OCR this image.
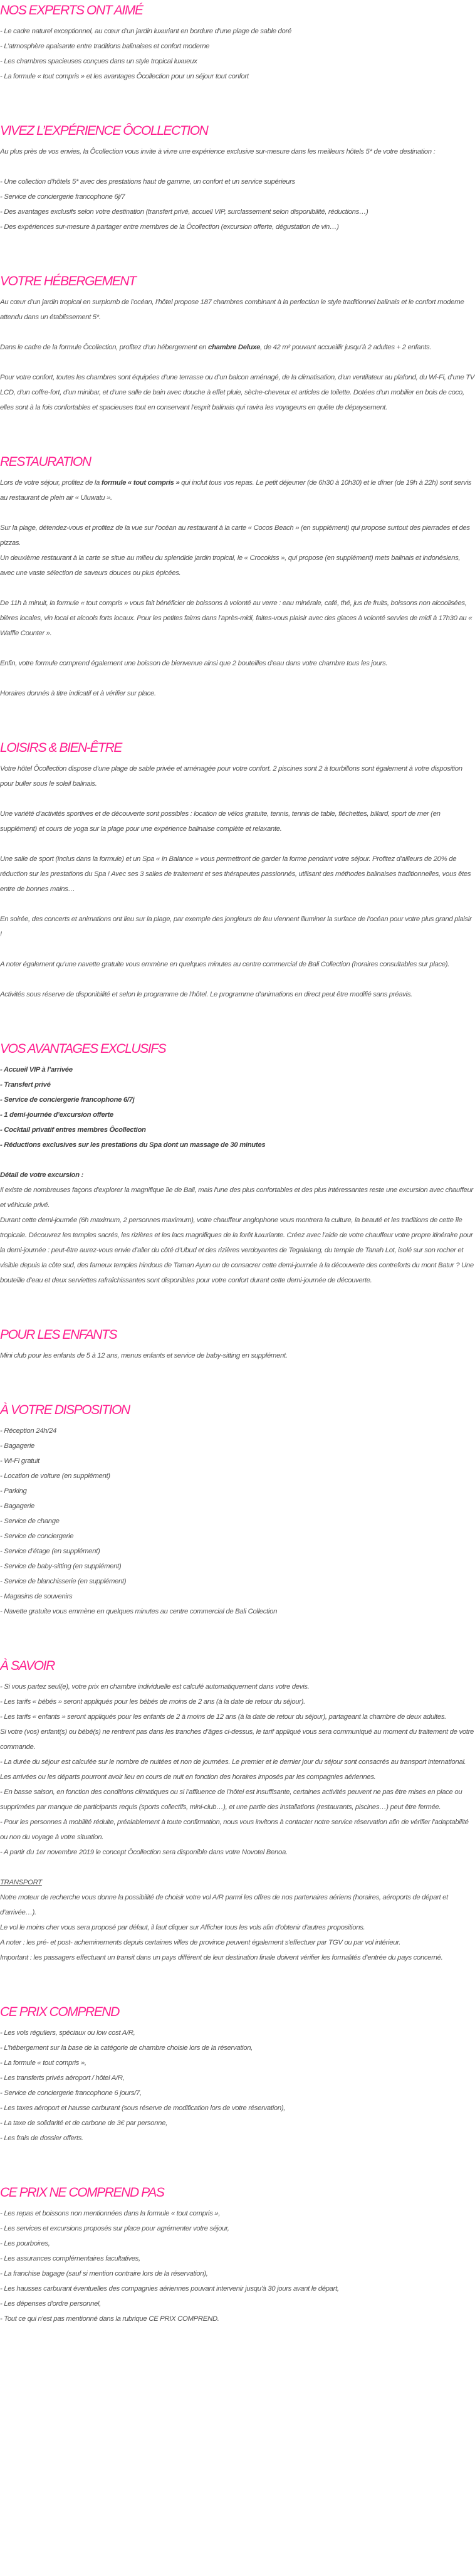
NOS EXPERTS ONT AIMÉ

- Le cadre naturel exceptionnel, au cœur d’un jardin luxuriant en bordure d’une plage de sable doré

- L’atmosphère apaisante entre traditions balinaises et confort moderne

- Les chambres spacieuses conçues dans un style tropical luxueux

- La formule « tout compris » et les avantages Ôcollection pour un séjour tout confort

VIVEZ L’EXPÉRIENCE ÔCOLLECTION

Au plus près de vos envies, la Ôcollection vous invite à vivre une expérience exclusive sur-mesure dans les meilleurs hôtels 5* de votre destination :

- Une collection d’hôtels 5* avec des prestations haut de gamme, un confort et un service supérieurs

- Service de conciergerie francophone 6j/7

- Des avantages exclusifs selon votre destination (transfert privé, accueil VIP, surclassement selon disponibilité, réductions…)

- Des expériences sur-mesure à partager entre membres de la Ôcollection (excursion offerte, dégustation de vin…)

VOTRE HÉBERGEMENT

Au cœur d’un jardin tropical en surplomb de l’océan, l’hôtel propose 187 chambres combinant à la perfection le style traditionnel balinais et le confort moderne attendu dans un établissement 5*.

Dans le cadre de la formule Ôcollection, profitez d’un hébergement en chambre Deluxe, de 42 m² pouvant accueillir jusqu’à 2 adultes + 2 enfants.

Pour votre confort, toutes les chambres sont équipées d’une terrasse ou d’un balcon aménagé, de la climatisation, d’un ventilateur au plafond, du Wi-Fi, d’une TV LCD, d’un coffre-fort, d’un minibar, et d’une salle de bain avec douche à effet pluie, sèche-cheveux et articles de toilette. Dotées d’un mobilier en bois de coco, elles sont à la fois confortables et spacieuses tout en conservant l’esprit balinais qui ravira les voyageurs en quête de dépaysement.

RESTAURATION

Lors de votre séjour, profitez de la formule « tout compris » qui inclut tous vos repas. Le petit déjeuner (de 6h30 à 10h30) et le dîner (de 19h à 22h) sont servis au restaurant de plein air « Uluwatu ».

Sur la plage, détendez-vous et profitez de la vue sur l’océan au restaurant à la carte « Cocos Beach » (en supplément) qui propose surtout des pierrades et des pizzas.

Un deuxième restaurant à la carte se situe au milieu du splendide jardin tropical, le « Crocokiss », qui propose (en supplément) mets balinais et indonésiens, avec une vaste sélection de saveurs douces ou plus épicées.

De 11h à minuit, la formule « tout compris » vous fait bénéficier de boissons à volonté au verre : eau minérale, café, thé, jus de fruits, boissons non alcoolisées, bières locales, vin local et alcools forts locaux. Pour les petites faims dans l’après-midi, faites-vous plaisir avec des glaces à volonté servies de midi à 17h30 au « Waffle Counter ».

Enfin, votre formule comprend également une boisson de bienvenue ainsi que 2 bouteilles d’eau dans votre chambre tous les jours.

Horaires donnés à titre indicatif et à vérifier sur place.

LOISIRS & BIEN-ÊTRE

Votre hôtel Ôcollection dispose d’une plage de sable privée et aménagée pour votre confort. 2 piscines sont 2 à tourbillons sont également à votre disposition pour buller sous le soleil balinais.

Une variété d’activités sportives et de découverte sont possibles : location de vélos gratuite, tennis, tennis de table, fléchettes, billard, sport de mer (en supplément) et cours de yoga sur la plage pour une expérience balinaise complète et relaxante.

Une salle de sport (inclus dans la formule) et un Spa « In Balance » vous permettront de garder la forme pendant votre séjour. Profitez d’ailleurs de 20% de réduction sur les prestations du Spa ! Avec ses 3 salles de traitement et ses thérapeutes passionnés, utilisant des méthodes balinaises traditionnelles, vous êtes entre de bonnes mains…

En soirée, des concerts et animations ont lieu sur la plage, par exemple des jongleurs de feu viennent illuminer la surface de l’océan pour votre plus grand plaisir !

A noter également qu’une navette gratuite vous emmène en quelques minutes au centre commercial de Bali Collection (horaires consultables sur place).

Activités sous réserve de disponibilité et selon le programme de l’hôtel. Le programme d’animations en direct peut être modifié sans préavis.

VOS AVANTAGES EXCLUSIFS

- Accueil VIP à l’arrivée

- Transfert privé

- Service de conciergerie francophone 6/7j

- 1 demi-journée d’excursion offerte

- Cocktail privatif entres membres Ôcollection

- Réductions exclusives sur les prestations du Spa dont un massage de 30 minutes

Détail de votre excursion :

Il existe de nombreuses façons d'explorer la magnifique île de Bali, mais l'une des plus confortables et des plus intéressantes reste une excursion avec chauffeur et véhicule privé.

Durant cette demi-journée (6h maximum, 2 personnes maximum), votre chauffeur anglophone vous montrera la culture, la beauté et les traditions de cette île tropicale. Découvrez les temples sacrés, les rizières et les lacs magnifiques de la forêt luxuriante. Créez avec l’aide de votre chauffeur votre propre itinéraire pour la demi-journée : peut-être aurez-vous envie d’aller du côté d’Ubud et des rizières verdoyantes de Tegalalang, du temple de Tanah Lot, isolé sur son rocher et visible depuis la côte sud, des fameux temples hindous de Taman Ayun ou de consacrer cette demi-journée à la découverte des contreforts du mont Batur ? Une bouteille d’eau et deux serviettes rafraîchissantes sont disponibles pour votre confort durant cette demi-journée de découverte.

POUR LES ENFANTS

Mini club pour les enfants de 5 à 12 ans, menus enfants et service de baby-sitting en supplément.

À VOTRE DISPOSITION

- Réception 24h/24

- Bagagerie

- Wi-Fi gratuit

- Location de voiture (en supplément)

- Parking

- Bagagerie

- Service de change

- Service de conciergerie

- Service d’étage (en supplément)

- Service de baby-sitting (en supplément)

- Service de blanchisserie (en supplément)

- Magasins de souvenirs

- Navette gratuite vous emmène en quelques minutes au centre commercial de Bali Collection

À SAVOIR

- Si vous partez seul(e), votre prix en chambre individuelle est calculé automatiquement dans votre devis.

- Les tarifs « bébés » seront appliqués pour les bébés de moins de 2 ans (à la date de retour du séjour).

- Les tarifs « enfants » seront appliqués pour les enfants de 2 à moins de 12 ans (à la date de retour du séjour), partageant la chambre de deux adultes.

Si votre (vos) enfant(s) ou bébé(s) ne rentrent pas dans les tranches d’âges ci-dessus, le tarif appliqué vous sera communiqué au moment du traitement de votre commande.

- La durée du séjour est calculée sur le nombre de nuitées et non de journées. Le premier et le dernier jour du séjour sont consacrés au transport international. Les arrivées ou les départs pourront avoir lieu en cours de nuit en fonction des horaires imposés par les compagnies aériennes.

- En basse saison, en fonction des conditions climatiques ou si l’affluence de l’hôtel est insuffisante, certaines activités peuvent ne pas être mises en place ou supprimées par manque de participants requis (sports collectifs, mini-club…), et une partie des installations (restaurants, piscines…) peut être fermée.

- Pour les personnes à mobilité réduite, préalablement à toute confirmation, nous vous invitons à contacter notre service réservation afin de vérifier l’adaptabilité ou non du voyage à votre situation.

- A partir du 1er novembre 2019 le concept Ôcollection sera disponible dans votre Novotel Benoa.

TRANSPORT

Notre moteur de recherche vous donne la possibilité de choisir votre vol A/R parmi les offres de nos partenaires aériens (horaires, aéroports de départ et d’arrivée…).

Le vol le moins cher vous sera proposé par défaut, il faut cliquer sur Afficher tous les vols afin d'obtenir d'autres propositions.

A noter : les pré- et post- acheminements depuis certaines villes de province peuvent également s'effectuer par TGV ou par vol intérieur.

Important : les passagers effectuant un transit dans un pays différent de leur destination finale doivent vérifier les formalités d’entrée du pays concerné.

CE PRIX COMPREND

- Les vols réguliers, spéciaux ou low cost A/R,

- L’hébergement sur la base de la catégorie de chambre choisie lors de la réservation,

- La formule « tout compris »,

- Les transferts privés aéroport / hôtel A/R,

- Service de conciergerie francophone 6 jours/7,

- Les taxes aéroport et hausse carburant (sous réserve de modification lors de votre réservation),

- La taxe de solidarité et de carbone de 3€ par personne,

- Les frais de dossier offerts.

CE PRIX NE COMPREND PAS

- Les repas et boissons non mentionnées dans la formule « tout compris »,

- Les services et excursions proposés sur place pour agrémenter votre séjour,

- Les pourboires,

- Les assurances complémentaires facultatives,

- La franchise bagage (sauf si mention contraire lors de la réservation),

- Les hausses carburant éventuelles des compagnies aériennes pouvant intervenir jusqu'à 30 jours avant le départ,

- Les dépenses d'ordre personnel,

- Tout ce qui n'est pas mentionné dans la rubrique CE PRIX COMPREND.
